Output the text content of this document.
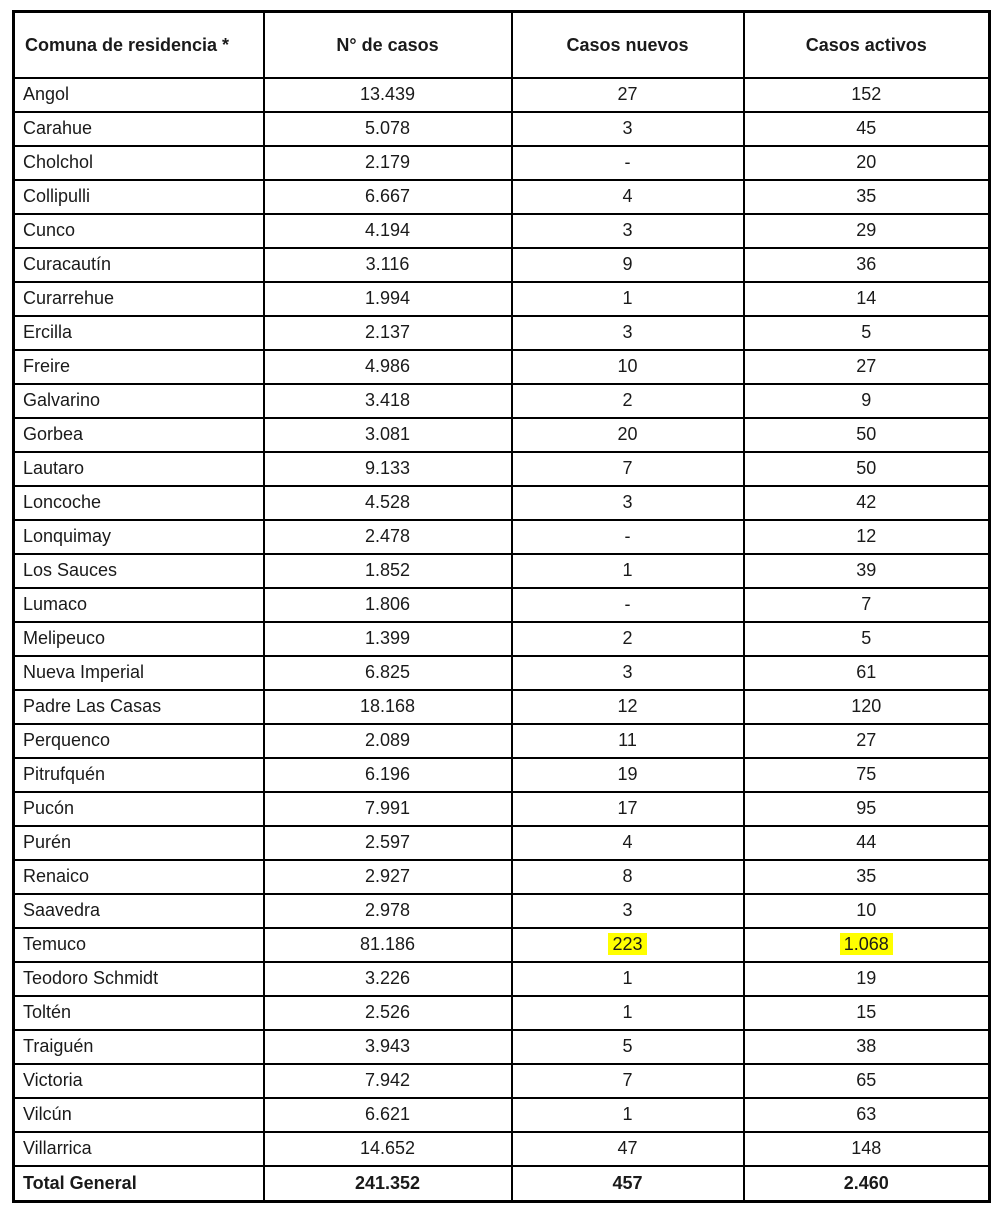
Comuna de residencia *	N° de casos	Casos nuevos	Casos activos
Angol	13.439	27	152
Carahue	5.078	3	45
Cholchol	2.179	-	20
Collipulli	6.667	4	35
Cunco	4.194	3	29
Curacautín	3.116	9	36
Curarrehue	1.994	1	14
Ercilla	2.137	3	5
Freire	4.986	10	27
Galvarino	3.418	2	9
Gorbea	3.081	20	50
Lautaro	9.133	7	50
Loncoche	4.528	3	42
Lonquimay	2.478	-	12
Los Sauces	1.852	1	39
Lumaco	1.806	-	7
Melipeuco	1.399	2	5
Nueva Imperial	6.825	3	61
Padre Las Casas	18.168	12	120
Perquenco	2.089	11	27
Pitrufquén	6.196	19	75
Pucón	7.991	17	95
Purén	2.597	4	44
Renaico	2.927	8	35
Saavedra	2.978	3	10
Temuco	81.186	223	1.068
Teodoro Schmidt	3.226	1	19
Toltén	2.526	1	15
Traiguén	3.943	5	38
Victoria	7.942	7	65
Vilcún	6.621	1	63
Villarrica	14.652	47	148
Total General	241.352	457	2.460
